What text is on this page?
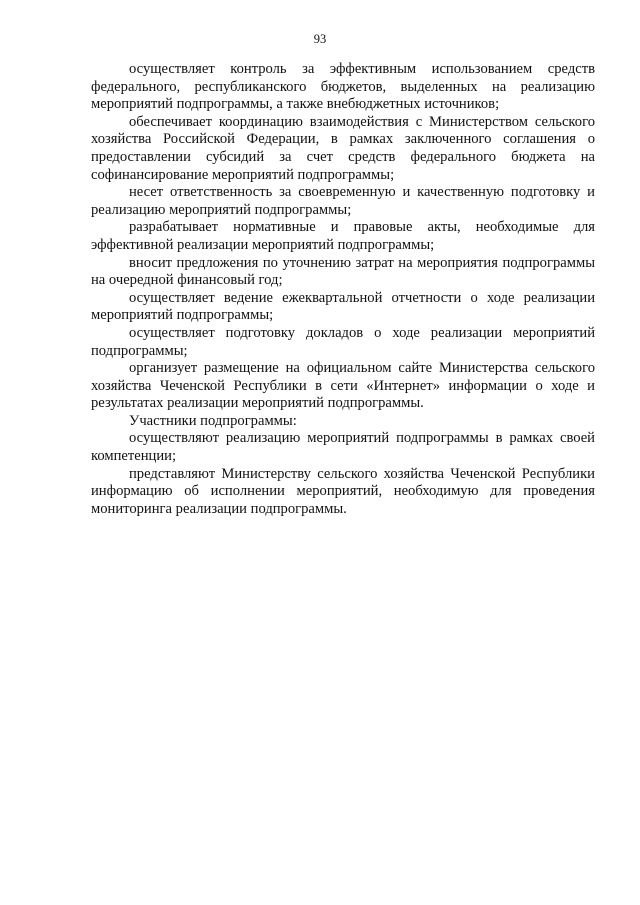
93

осуществляет контроль за эффективным использованием средств федерального, республиканского бюджетов, выделенных на реализацию мероприятий подпрограммы, а также внебюджетных источников;

обеспечивает координацию взаимодействия с Министерством сельского хозяйства Российской Федерации, в рамках заключенного соглашения о предоставлении субсидий за счет средств федерального бюджета на софинансирование мероприятий подпрограммы;

несет ответственность за своевременную и качественную подготовку и реализацию мероприятий подпрограммы;

разрабатывает нормативные и правовые акты, необходимые для эффективной реализации мероприятий подпрограммы;

вносит предложения по уточнению затрат на мероприятия подпрограммы на очередной финансовый год;

осуществляет ведение ежеквартальной отчетности о ходе реализации мероприятий подпрограммы;

осуществляет подготовку докладов о ходе реализации мероприятий подпрограммы;

организует размещение на официальном сайте Министерства сельского хозяйства Чеченской Республики в сети «Интернет» информации о ходе и результатах реализации мероприятий подпрограммы.

Участники подпрограммы:

осуществляют реализацию мероприятий подпрограммы в рамках своей компетенции;

представляют Министерству сельского хозяйства Чеченской Республики информацию об исполнении мероприятий, необходимую для проведения мониторинга реализации подпрограммы.
